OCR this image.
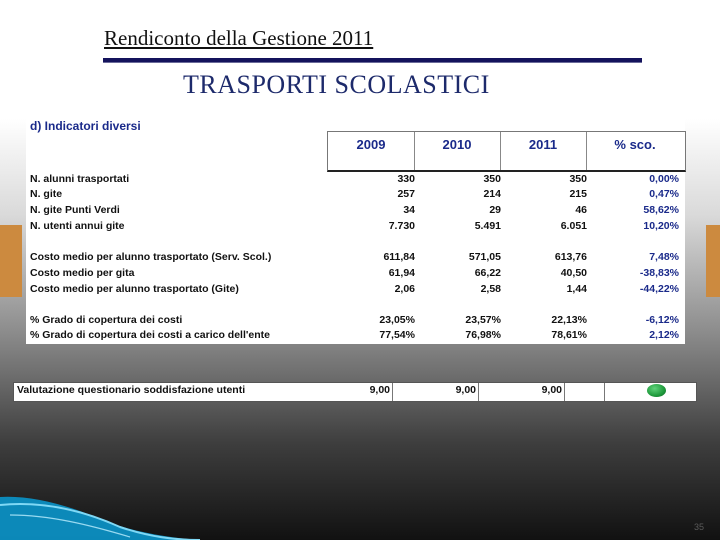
Rendiconto della Gestione 2011
TRASPORTI SCOLASTICI
d) Indicatori diversi
2009	2010	2011	% sco.
N. alunni trasportati	330	350	350	0,00%
N. gite	257	214	215	0,47%
N. gite Punti Verdi	34	29	46	58,62%
N. utenti annui gite	7.730	5.491	6.051	10,20%
Costo medio per alunno trasportato (Serv. Scol.)	611,84	571,05	613,76	7,48%
Costo medio per gita	61,94	66,22	40,50	-38,83%
Costo medio per alunno trasportato (Gite)	2,06	2,58	1,44	-44,22%
% Grado di copertura dei costi	23,05%	23,57%	22,13%	-6,12%
% Grado di copertura dei costi a carico dell'ente	77,54%	76,98%	78,61%	2,12%
Valutazione questionario soddisfazione utenti	9,00	9,00	9,00
35
